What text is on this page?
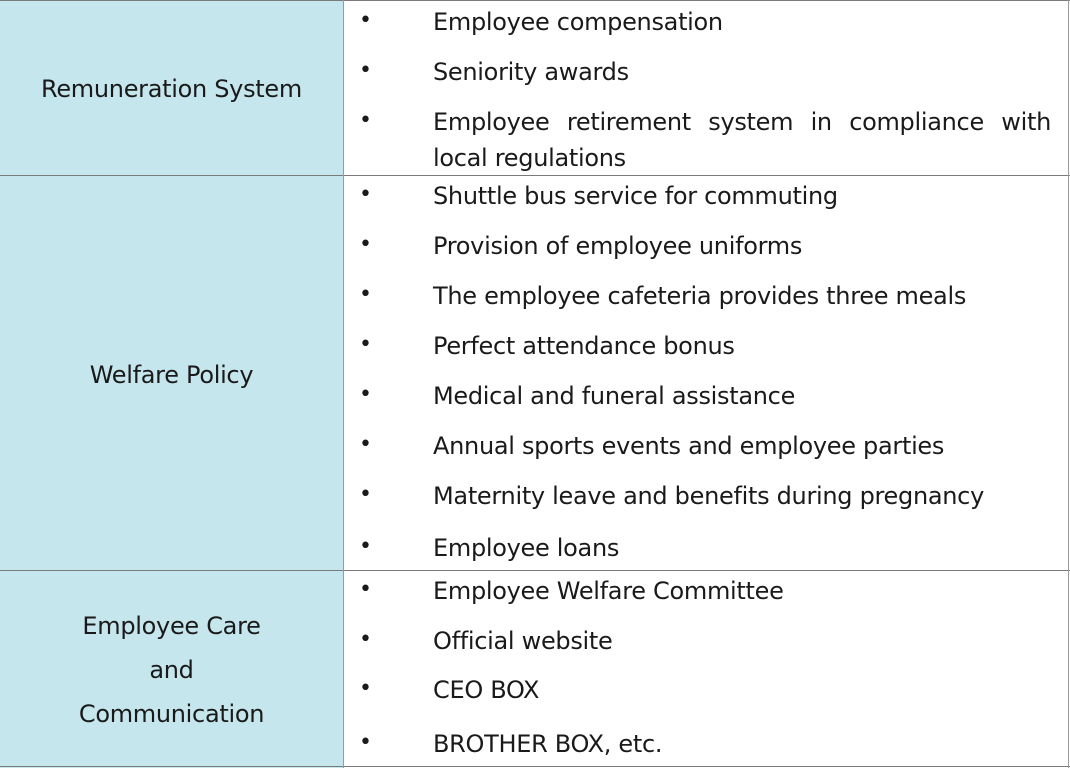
Remuneration System
•	Employee compensation
•	Seniority awards
•	Employee retirement system in compliance with local regulations
Welfare Policy
•	Shuttle bus service for commuting
•	Provision of employee uniforms
•	The employee cafeteria provides three meals
•	Perfect attendance bonus
•	Medical and funeral assistance
•	Annual sports events and employee parties
•	Maternity leave and benefits during pregnancy
•	Employee loans
Employee Care
and
Communication
•	Employee Welfare Committee
•	Official website
•	CEO BOX
•	BROTHER BOX, etc.
